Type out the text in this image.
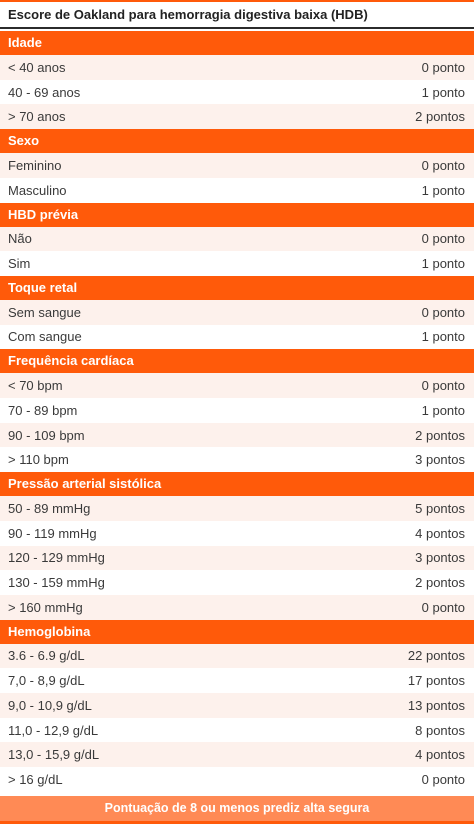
Escore de Oakland para hemorragia digestiva baixa (HDB)
Idade
< 40 anos	0 ponto
40 - 69 anos	1 ponto
> 70 anos	2 pontos
Sexo
Feminino	0 ponto
Masculino	1 ponto
HBD prévia
Não	0 ponto
Sim	1 ponto
Toque retal
Sem sangue	0 ponto
Com sangue	1 ponto
Frequência cardíaca
< 70 bpm	0 ponto
70 - 89 bpm	1 ponto
90 - 109 bpm	2 pontos
> 110 bpm	3 pontos
Pressão arterial sistólica
50 - 89 mmHg	5 pontos
90 - 119 mmHg	4 pontos
120 - 129 mmHg	3 pontos
130 - 159 mmHg	2 pontos
> 160 mmHg	0 ponto
Hemoglobina
3.6 - 6.9 g/dL	22 pontos
7,0 - 8,9 g/dL	17 pontos
9,0 - 10,9 g/dL	13 pontos
11,0 - 12,9 g/dL	8 pontos
13,0 - 15,9 g/dL	4 pontos
> 16 g/dL	0 ponto
Pontuação de 8 ou menos prediz alta segura
